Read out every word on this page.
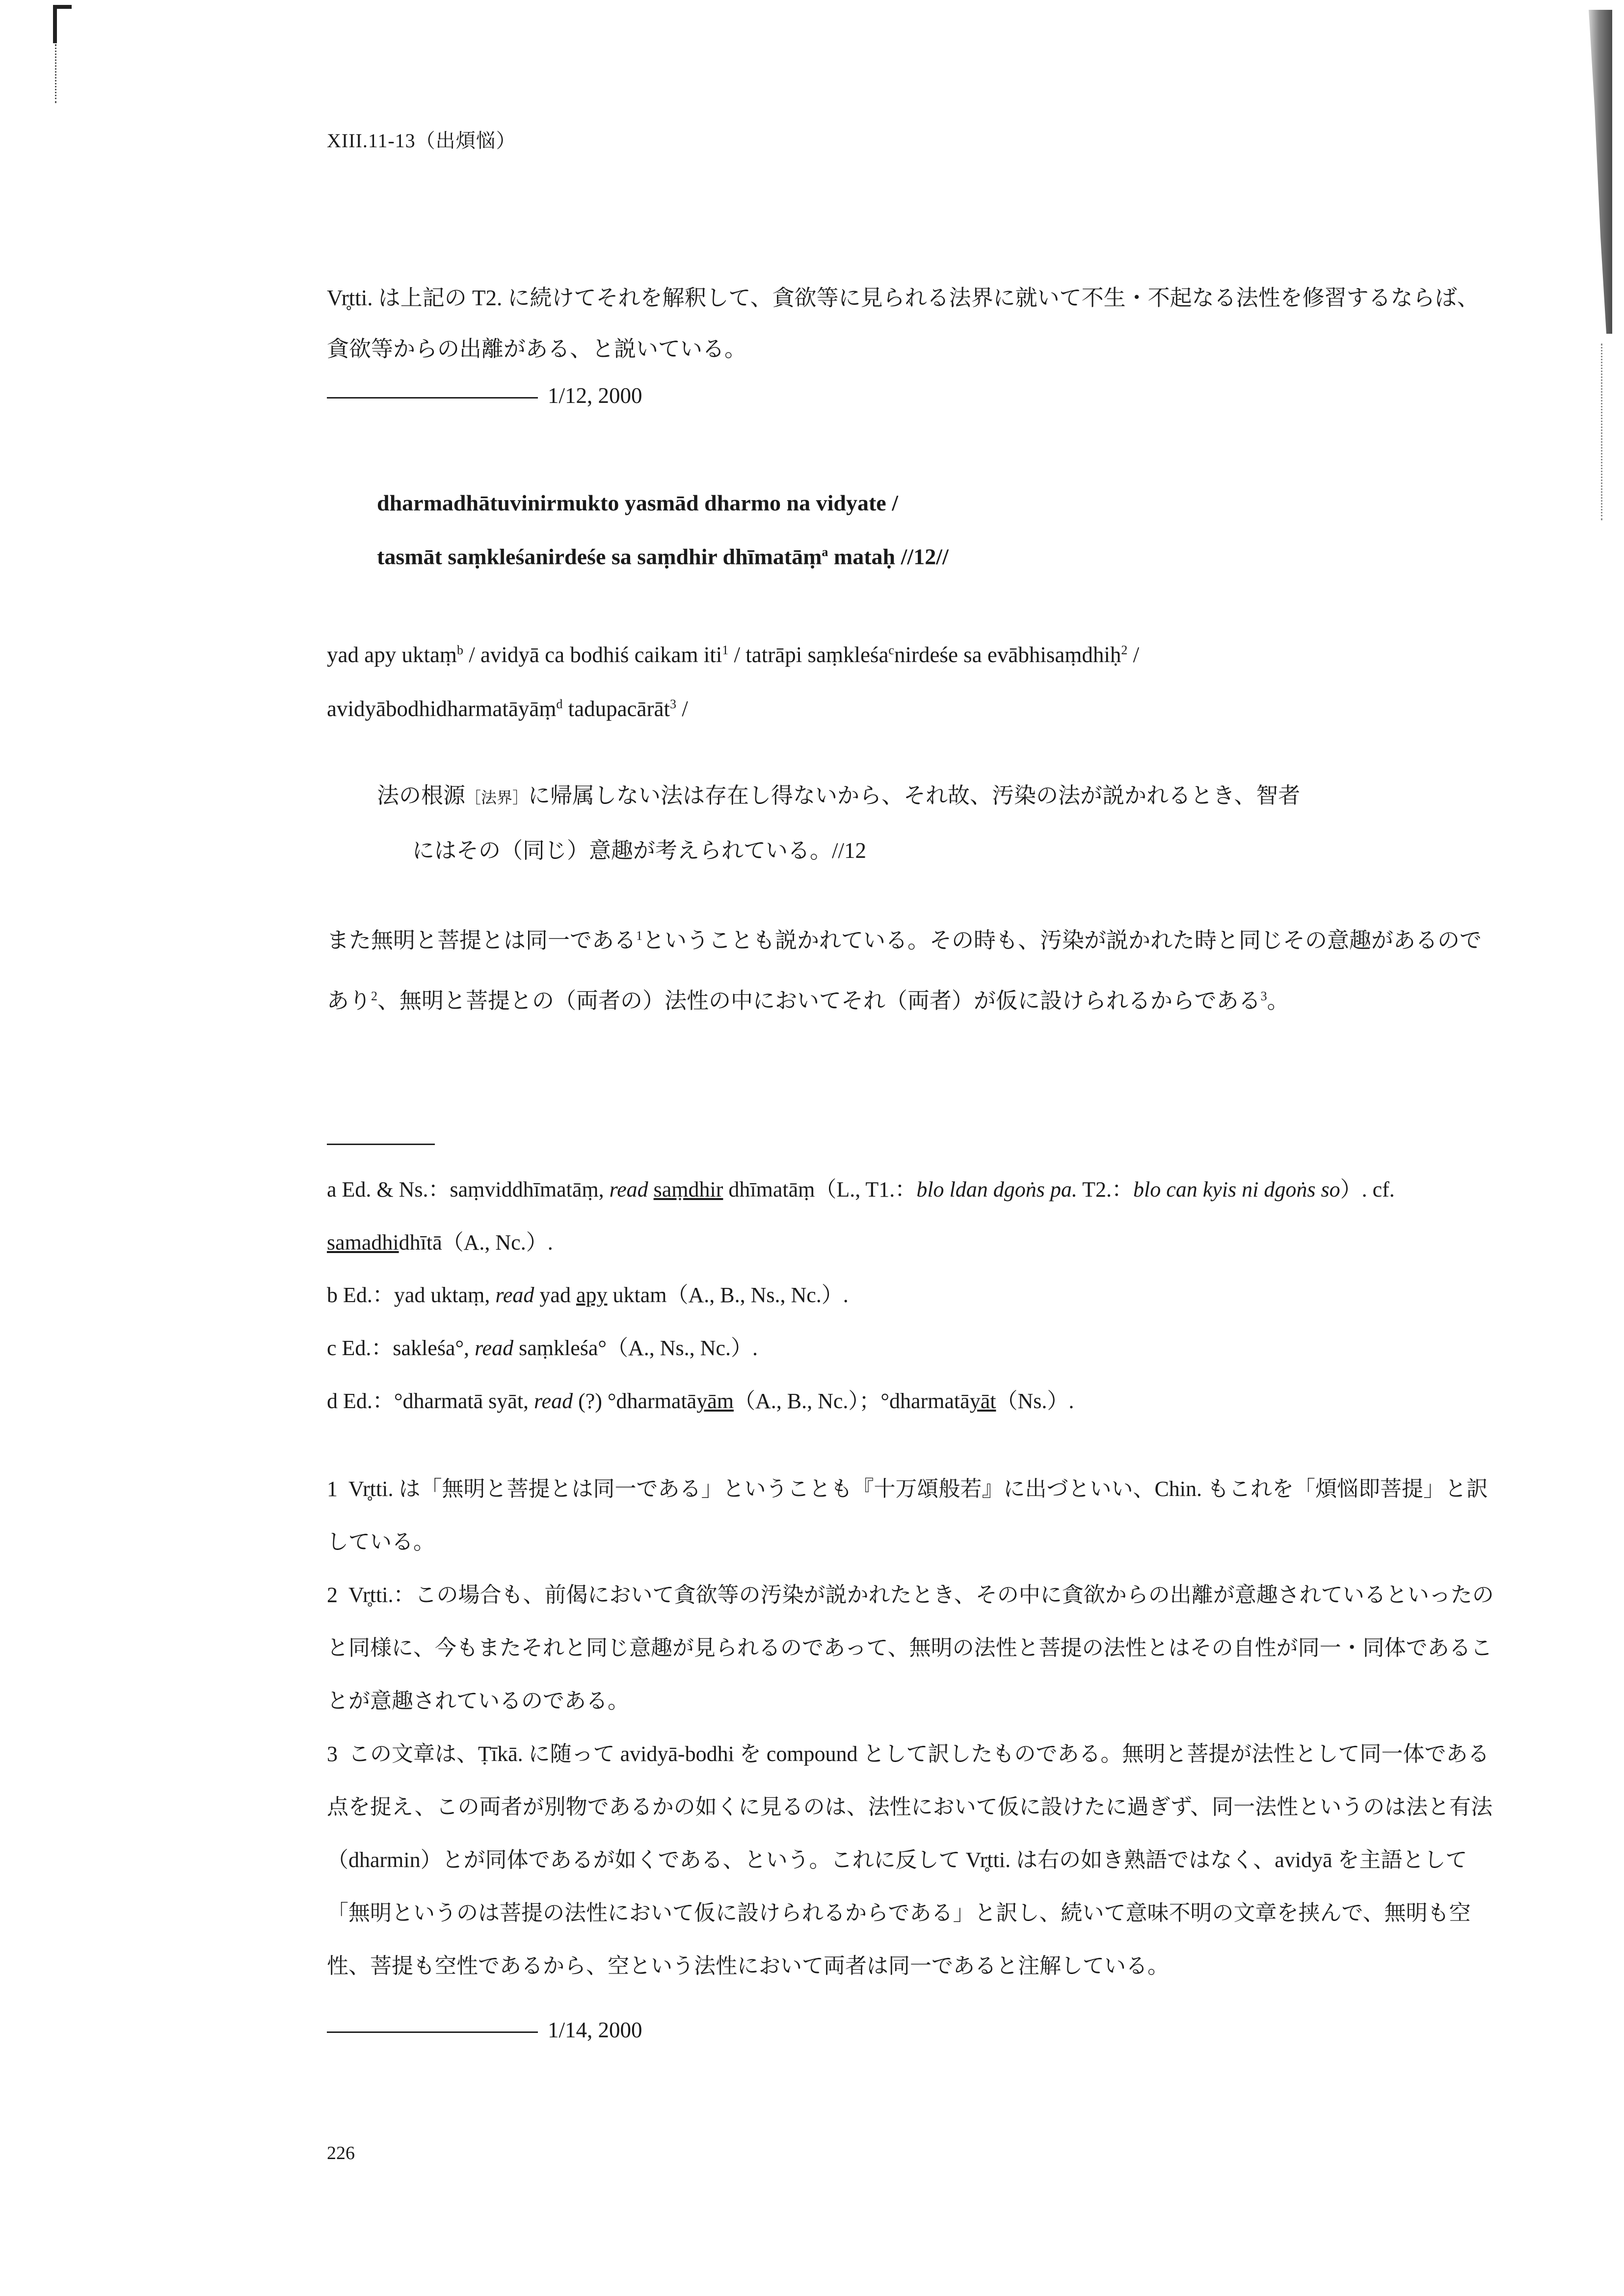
XIII.11-13（出煩悩）
Vr̥tti. は上記の T2. に続けてそれを解釈して、貪欲等に見られる法界に就いて不生・不起なる法性を修習するならば、貪欲等からの出離がある、と説いている。
1/12, 2000
dharmadhātuvinirmukto yasmād dharmo na vidyate /
tasmāt saṃkleśanirdeśe sa saṃdhir dhīmatāṃ$^a$ mataḥ //12//
yad apy uktaṃ$^b$ / avidyā ca bodhiś caikam iti$^1$ / tatrāpi saṃkleśa$^c$nirdeśe sa evābhisaṃdhiḥ$^2$ /
avidyābodhidharmatāyāṃ$^d$ tadupacārāt$^3$ /
法の根源［法界］に帰属しない法は存在し得ないから、それ故、汚染の法が説かれるとき、智者
にはその（同じ）意趣が考えられている。//12
また無明と菩提とは同一である$^1$ということも説かれている。その時も、汚染が説かれた時と同じその意趣があるのであり$^2$、無明と菩提との（両者の）法性の中においてそれ（両者）が仮に設けられるからである$^3$。
a Ed. & Ns.：saṃviddhīmatāṃ, read saṃdhir dhīmatāṃ（L., T1.：blo ldan dgoṅs pa. T2.：blo can kyis ni dgoṅs so）. cf. samadhidhītā（A., Nc.）.
b Ed.：yad uktaṃ, read yad apy uktam（A., B., Ns., Nc.）.
c Ed.：sakleśa°, read saṃkleśa°（A., Ns., Nc.）.
d Ed.：°dharmatā syāt, read (?) °dharmatāyām（A., B., Nc.）；°dharmatāyāt（Ns.）.
1 Vr̥tti. は「無明と菩提とは同一である」ということも『十万頌般若』に出づといい、Chin. もこれを「煩悩即菩提」と訳している。
2 Vr̥tti.：この場合も、前偈において貪欲等の汚染が説かれたとき、その中に貪欲からの出離が意趣されているといったのと同様に、今もまたそれと同じ意趣が見られるのであって、無明の法性と菩提の法性とはその自性が同一・同体であることが意趣されているのである。
3 この文章は、Ṭīkā. に随って avidyā-bodhi を compound として訳したものである。無明と菩提が法性として同一体である点を捉え、この両者が別物であるかの如くに見るのは、法性において仮に設けたに過ぎず、同一法性というのは法と有法（dharmin）とが同体であるが如くである、という。これに反して Vr̥tti. は右の如き熟語ではなく、avidyā を主語として「無明というのは菩提の法性において仮に設けられるからである」と訳し、続いて意味不明の文章を挟んで、無明も空性、菩提も空性であるから、空という法性において両者は同一であると注解している。
1/14, 2000
226
